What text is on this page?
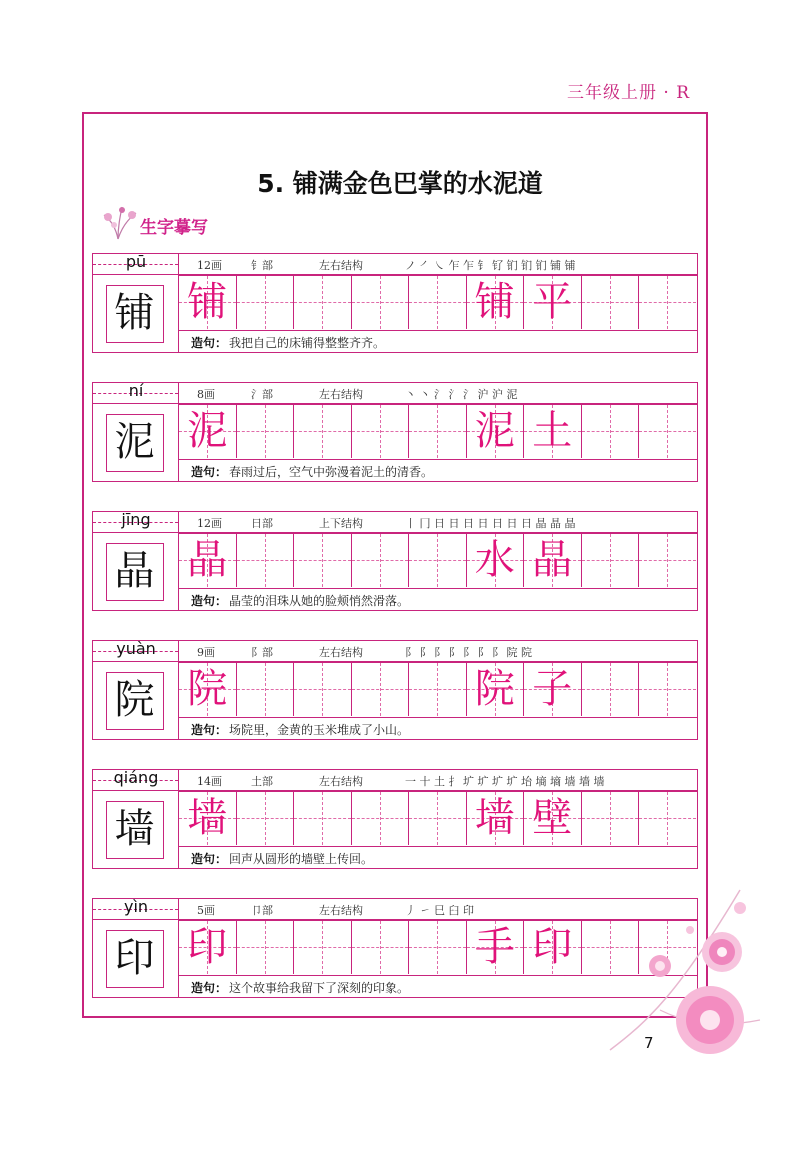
三年级上册 · R
5. 铺满金色巴掌的水泥道
生字摹写
pū	12画	钅部	左右结构	ノ ㇒ ㇏ 乍 乍 钅 钌 钔 钔 钔 铺 铺
铺 铺	铺 平
造句： 我把自己的床铺得整整齐齐。
ní	8画	氵部	左右结构	丶 丶 氵 氵 氵 沪 沪 泥
泥 泥	泥 土
造句： 春雨过后，空气中弥漫着泥土的清香。
jīng	12画	日部	上下结构	丨 冂 日 日 日 日 日 日 日 晶 晶 晶
晶 晶	水 晶
造句： 晶莹的泪珠从她的脸颊悄然滑落。
yuàn	9画	阝部	左右结构	阝 阝 阝 阝 阝 阝 阝 院 院
院 院	院 子
造句： 场院里，金黄的玉米堆成了小山。
qiáng	14画	土部	左右结构	一 十 土 扌 圹 圹 圹 圹 坮 墒 墒 墙 墙 墙
墙 墙	墙 壁
造句： 回声从圆形的墙壁上传回。
yìn	5画	卩部	左右结构	丿 ㇀ 巳 臼 印
印 印	手 印
造句： 这个故事给我留下了深刻的印象。
7
